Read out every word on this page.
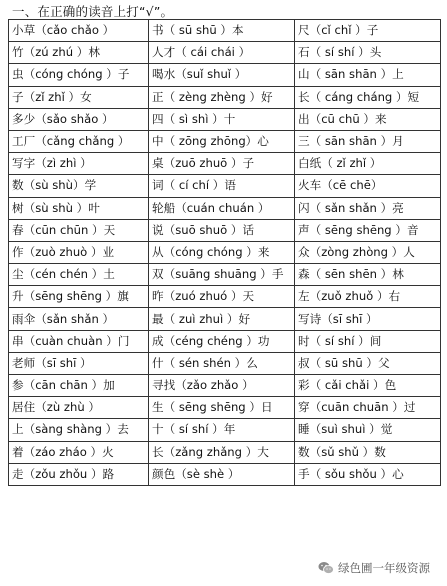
一、在正确的读音上打“√”。
小草（cǎo chǎo ）	书（ sū shū ）本	尺（cǐ chǐ ）子
竹（zú zhú ）林	人才（ cái chái ）	石（ sí shí ）头
虫（cóng chóng ）子	喝水（suǐ shuǐ ）	山（ sān shān ）上
子（zǐ zhǐ ）女	正（ zèng zhèng ）好	长（ cáng cháng ）短
多少（sǎo shǎo ）	四（ sì shì ）十	出（cū chū ）来
工厂（cǎng chǎng ）	中（ zōng zhōng）心	三（ sān shān ）月
写字（zì zhì ）	桌（zuō zhuō ）子	白纸（ zǐ zhǐ ）
数（sù shù）学	词（ cí chí ）语	火车（cē chē）
树（sù shù ）叶	轮船（cuán chuán ）	闪（ sǎn shǎn ）亮
春（cūn chūn ）天	说（suō shuō ）话	声（ sēng shēng ）音
作（zuò zhuò ）业	从（cóng chóng ）来	众（zòng zhòng ）人
尘（cén chén ）土	双（suāng shuāng ）手	森（ sēn shēn ）林
升（sēng shēng ）旗	昨（zuó zhuó ）天	左（zuǒ zhuǒ ）右
雨伞（sǎn shǎn ）	最（ zuì zhuì ）好	写诗（sī shī ）
串（cuàn chuàn ）门	成（céng chéng ）功	时（ sí shí ）间
老师（sī shī ）	什（ sén shén ）么	叔（ sū shū ）父
参（cān chān ）加	寻找（zǎo zhǎo ）	彩（ cǎi chǎi ）色
居住（zù zhù ）	生（ sēng shēng ）日	穿（cuān chuān ）过
上（sàng shàng ）去	十（ sí shí ）年	睡（suì shuì ）觉
着（záo zháo ）火	长（zǎng zhǎng ）大	数（sǔ shǔ ）数
走（zǒu zhǒu ）路	颜色（sè shè ）	手（ sǒu shǒu ）心
绿色圃一年级资源
